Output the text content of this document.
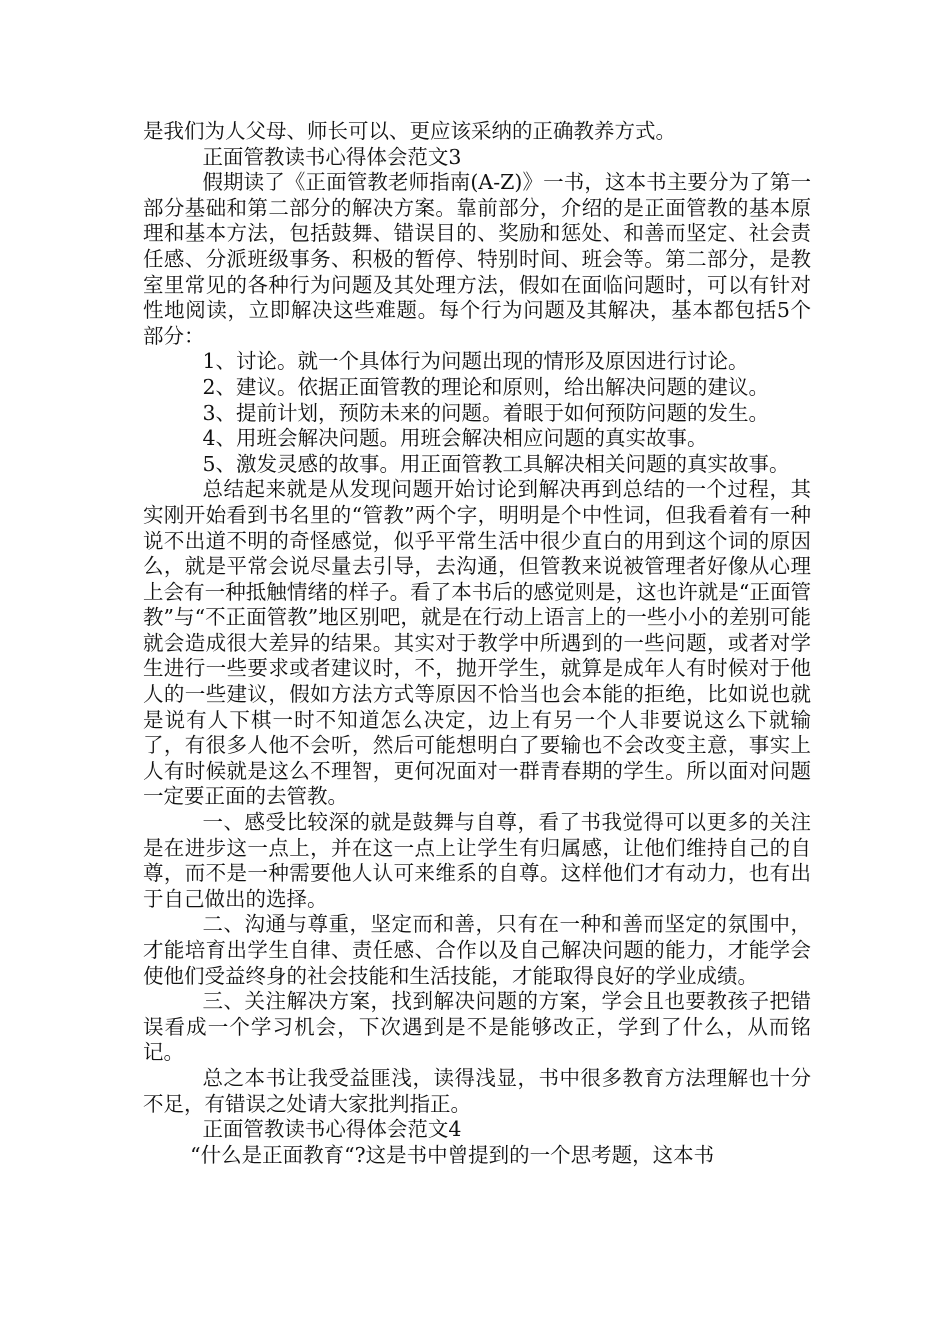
是我们为人父母、师长可以、更应该采纳的正确教养方式。

正面管教读书心得体会范文3

假期读了《正面管教老师指南(A-Z)》一书，这本书主要分为了第一部分基础和第二部分的解决方案。靠前部分，介绍的是正面管教的基本原理和基本方法，包括鼓舞、错误目的、奖励和惩处、和善而坚定、社会责任感、分派班级事务、积极的暂停、特别时间、班会等。第二部分，是教室里常见的各种行为问题及其处理方法，假如在面临问题时，可以有针对性地阅读，立即解决这些难题。每个行为问题及其解决，基本都包括5个部分：

1、讨论。就一个具体行为问题出现的情形及原因进行讨论。

2、建议。依据正面管教的理论和原则，给出解决问题的建议。

3、提前计划，预防未来的问题。着眼于如何预防问题的发生。

4、用班会解决问题。用班会解决相应问题的真实故事。

5、激发灵感的故事。用正面管教工具解决相关问题的真实故事。

总结起来就是从发现问题开始讨论到解决再到总结的一个过程，其实刚开始看到书名里的“管教”两个字，明明是个中性词，但我看着有一种说不出道不明的奇怪感觉，似乎平常生活中很少直白的用到这个词的原因么，就是平常会说尽量去引导，去沟通，但管教来说被管理者好像从心理上会有一种抵触情绪的样子。看了本书后的感觉则是，这也许就是“正面管教”与“不正面管教”地区别吧，就是在行动上语言上的一些小小的差别可能就会造成很大差异的结果。其实对于教学中所遇到的一些问题，或者对学生进行一些要求或者建议时，不，抛开学生，就算是成年人有时候对于他人的一些建议，假如方法方式等原因不恰当也会本能的拒绝，比如说也就是说有人下棋一时不知道怎么决定，边上有另一个人非要说这么下就输了，有很多人他不会听，然后可能想明白了要输也不会改变主意，事实上人有时候就是这么不理智，更何况面对一群青春期的学生。所以面对问题一定要正面的去管教。

一、感受比较深的就是鼓舞与自尊，看了书我觉得可以更多的关注是在进步这一点上，并在这一点上让学生有归属感，让他们维持自己的自尊，而不是一种需要他人认可来维系的自尊。这样他们才有动力，也有出于自己做出的选择。

二、沟通与尊重，坚定而和善，只有在一种和善而坚定的氛围中，才能培育出学生自律、责任感、合作以及自己解决问题的能力，才能学会使他们受益终身的社会技能和生活技能，才能取得良好的学业成绩。

三、关注解决方案，找到解决问题的方案，学会且也要教孩子把错误看成一个学习机会，下次遇到是不是能够改正，学到了什么，从而铭记。

总之本书让我受益匪浅，读得浅显，书中很多教育方法理解也十分不足，有错误之处请大家批判指正。

正面管教读书心得体会范文4

“什么是正面教育“?这是书中曾提到的一个思考题，这本书
